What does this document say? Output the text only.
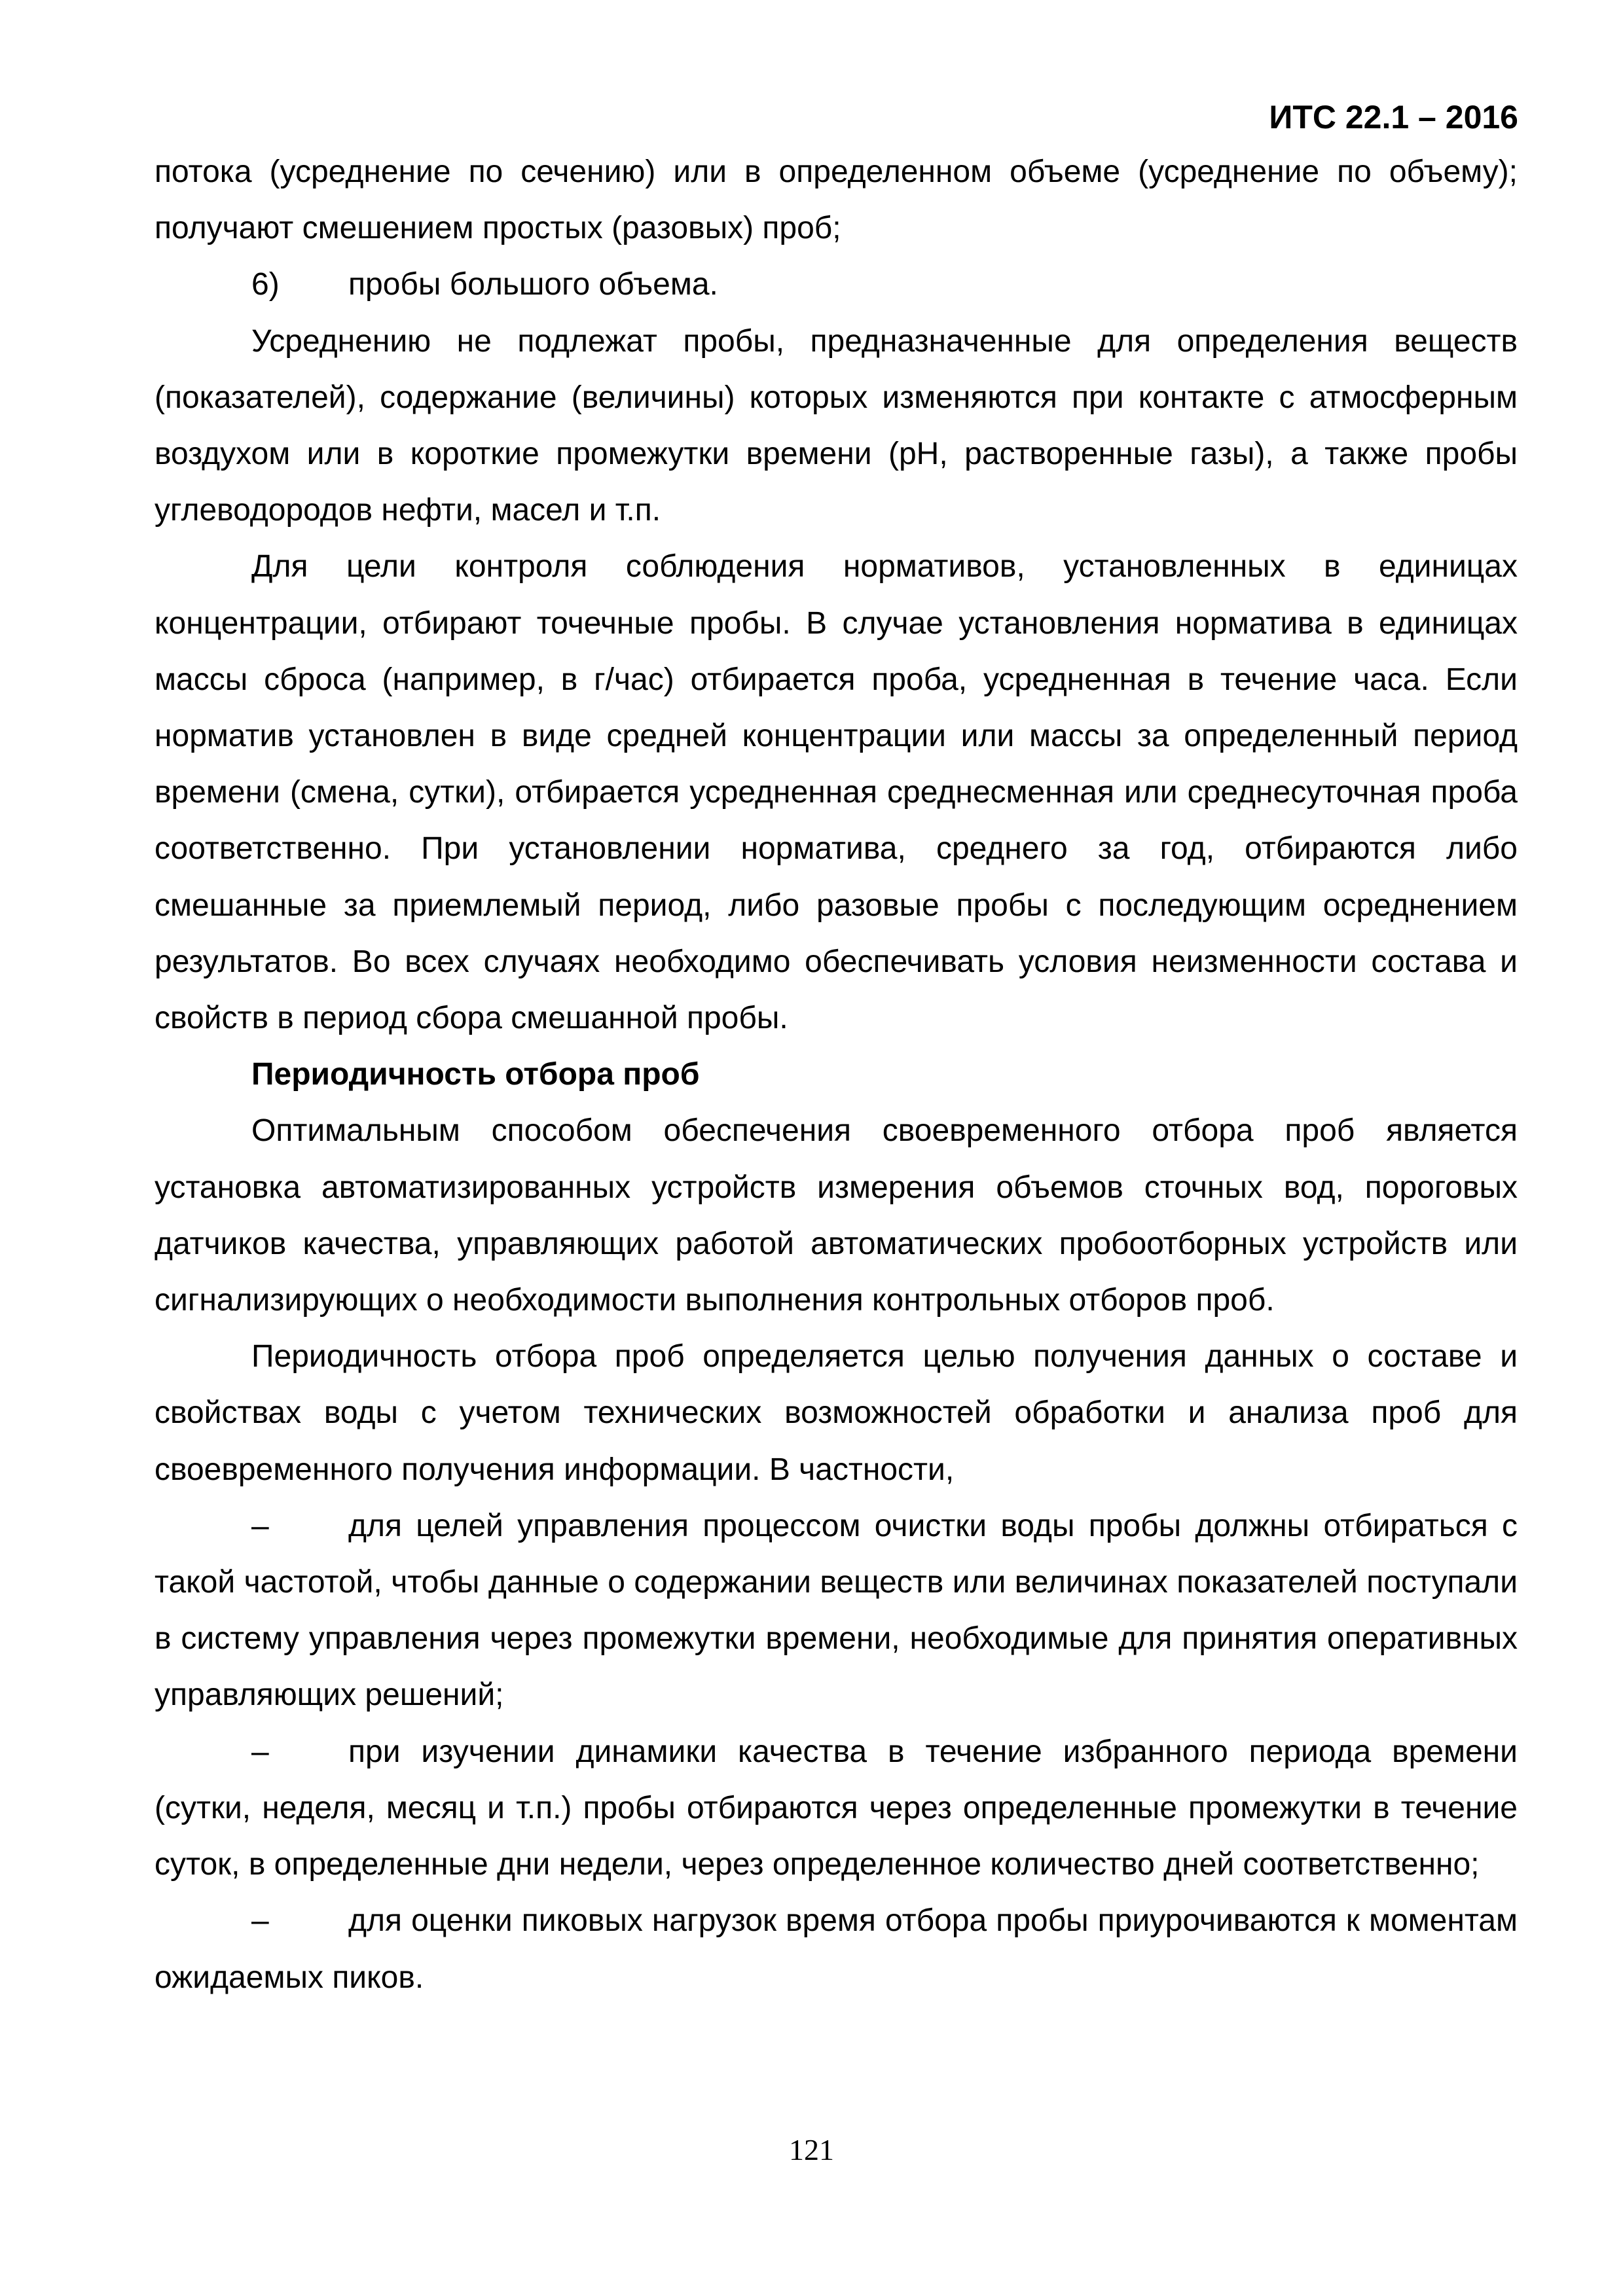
ИТС 22.1 – 2016

потока (усреднение по сечению) или в определенном объеме (усреднение по объему); получают смешением простых (разовых) проб;

6) пробы большого объема.

Усреднению не подлежат пробы, предназначенные для определения веществ (показателей), содержание (величины) которых изменяются при контакте с атмосферным воздухом или в короткие промежутки времени (pH, растворенные газы), а также пробы углеводородов нефти, масел и т.п.

Для цели контроля соблюдения нормативов, установленных в единицах концентрации, отбирают точечные пробы. В случае установления норматива в единицах массы сброса (например, в г/час) отбирается проба, усредненная в течение часа. Если норматив установлен в виде средней концентрации или массы за определенный период времени (смена, сутки), отбирается усредненная среднесменная или среднесуточная проба соответственно. При установлении норматива, среднего за год, отбираются либо смешанные за приемлемый период, либо разовые пробы с последующим осреднением результатов. Во всех случаях необходимо обеспечивать условия неизменности состава и свойств в период сбора смешанной пробы.

Периодичность отбора проб

Оптимальным способом обеспечения своевременного отбора проб является установка автоматизированных устройств измерения объемов сточных вод, пороговых датчиков качества, управляющих работой автоматических пробоотборных устройств или сигнализирующих о необходимости выполнения контрольных отборов проб.

Периодичность отбора проб определяется целью получения данных о составе и свойствах воды с учетом технических возможностей обработки и анализа проб для своевременного получения информации. В частности,

–	для целей управления процессом очистки воды пробы должны отбираться с такой частотой, чтобы данные о содержании веществ или величинах показателей поступали в систему управления через промежутки времени, необходимые для принятия оперативных управляющих решений;

–	при изучении динамики качества в течение избранного периода времени (сутки, неделя, месяц и т.п.) пробы отбираются через определенные промежутки в течение суток, в определенные дни недели, через определенное количество дней соответственно;

–	для оценки пиковых нагрузок время отбора пробы приурочиваются к моментам ожидаемых пиков.

121
